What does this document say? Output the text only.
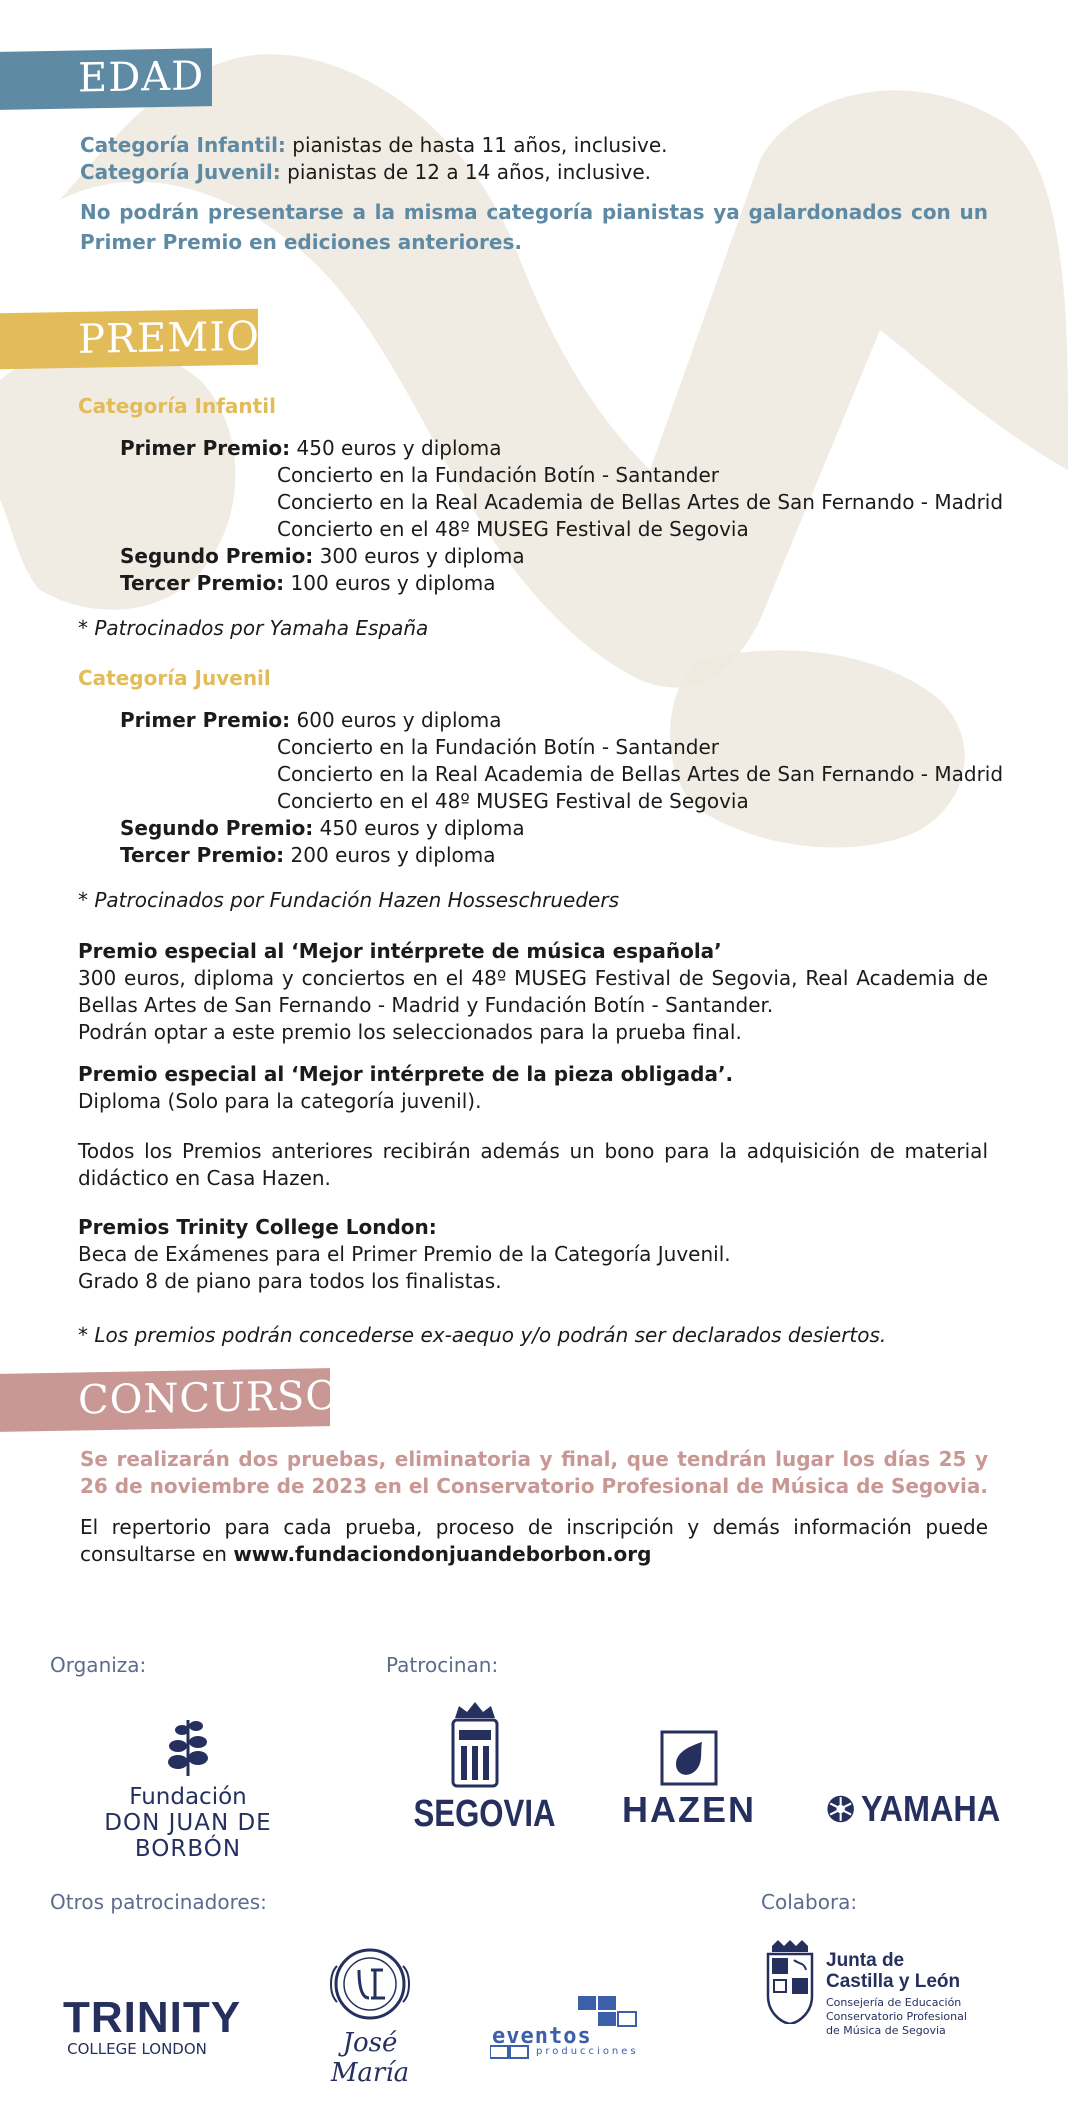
EDAD
Categoría Infantil: pianistas de hasta 11 años, inclusive.
Categoría Juvenil: pianistas de 12 a 14 años, inclusive.
No podrán presentarse a la misma categoría pianistas ya galardonados con un Primer Premio en ediciones anteriores.
PREMIO
Categoría Infantil
Primer Premio: 450 euros y diploma
Concierto en la Fundación Botín - Santander
Concierto en la Real Academia de Bellas Artes de San Fernando - Madrid
Concierto en el 48º MUSEG Festival de Segovia
Segundo Premio: 300 euros y diploma
Tercer Premio: 100 euros y diploma
* Patrocinados por Yamaha España
Categoría Juvenil
Primer Premio: 600 euros y diploma
Concierto en la Fundación Botín - Santander
Concierto en la Real Academia de Bellas Artes de San Fernando - Madrid
Concierto en el 48º MUSEG Festival de Segovia
Segundo Premio: 450 euros y diploma
Tercer Premio: 200 euros y diploma
* Patrocinados por Fundación Hazen Hosseschrueders
Premio especial al ‘Mejor intérprete de música española’
300 euros, diploma y conciertos en el 48º MUSEG Festival de Segovia, Real Academia de Bellas Artes de San Fernando - Madrid y Fundación Botín - Santander.
Podrán optar a este premio los seleccionados para la prueba final.
Premio especial al ‘Mejor intérprete de la pieza obligada’.
Diploma (Solo para la categoría juvenil).
Todos los Premios anteriores recibirán además un bono para la adquisición de material didáctico en Casa Hazen.
Premios Trinity College London:
Beca de Exámenes para el Primer Premio de la Categoría Juvenil.
Grado 8 de piano para todos los finalistas.
* Los premios podrán concederse ex-aequo y/o podrán ser declarados desiertos.
CONCURSO
Se realizarán dos pruebas, eliminatoria y final, que tendrán lugar los días 25 y 26 de noviembre de 2023 en el Conservatorio Profesional de Música de Segovia.
El repertorio para cada prueba, proceso de inscripción y demás información puede consultarse en www.fundaciondonjuandeborbon.org
Organiza:	Patrocinan:
Otros patrocinadores:	Colabora:
Fundación
DON JUAN DE BORBÓN
SEGOVIA	HAZEN	YAMAHA
TRINITY
COLLEGE LONDON	José María
eventos
producciones
Junta de
Castilla y León
Consejería de Educación
Conservatorio Profesional
de Música de Segovia
